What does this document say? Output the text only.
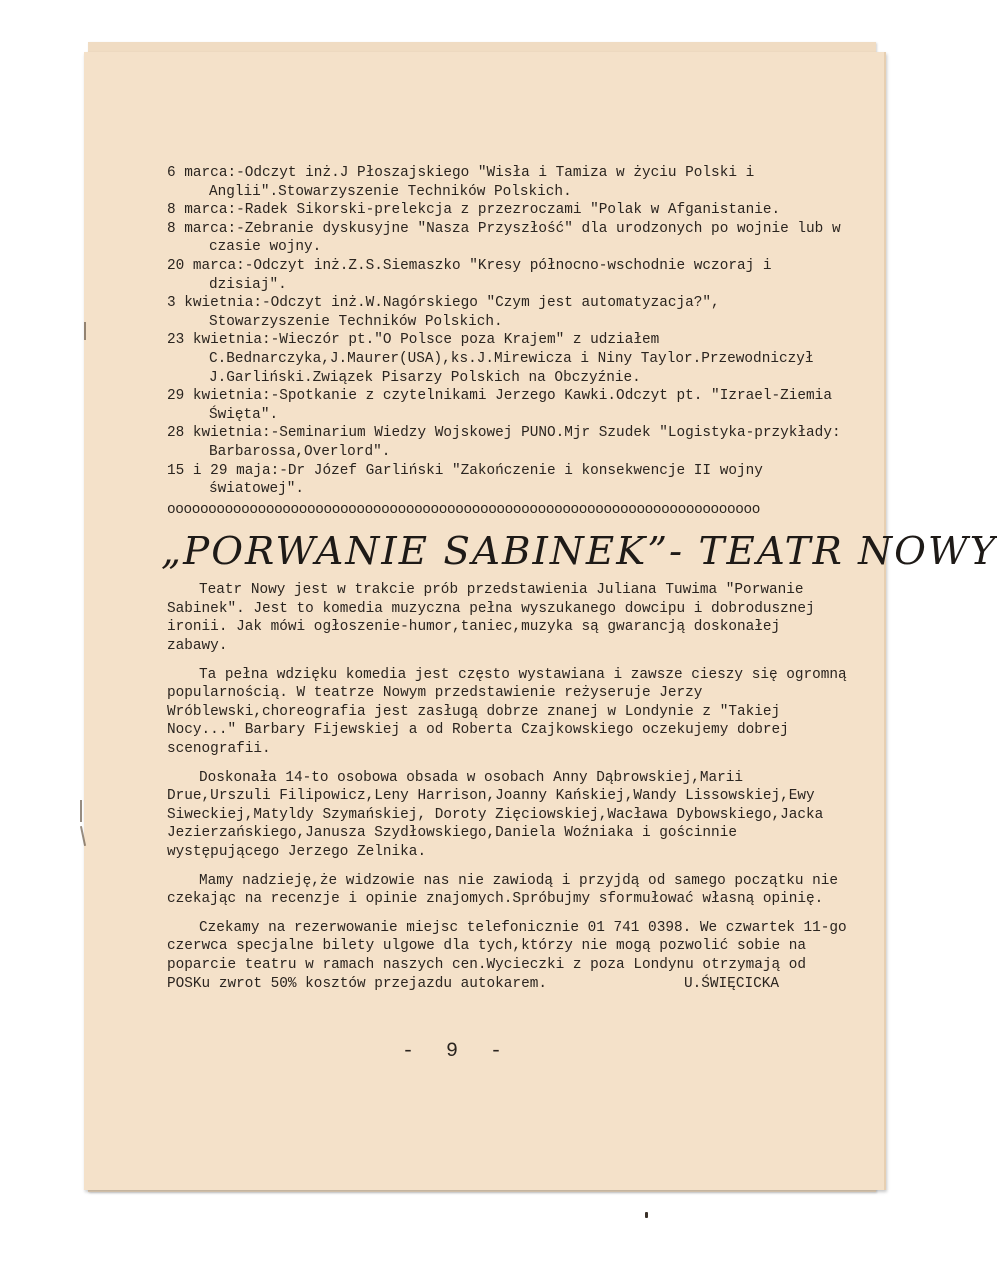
6 marca:-Odczyt inż.J Płoszajskiego "Wisła i Tamiza w życiu Polski i Anglii".Stowarzyszenie Techników Polskich.

8 marca:-Radek Sikorski-prelekcja z przezroczami "Polak w Afganistanie.

8 marca:-Zebranie dyskusyjne "Nasza Przyszłość" dla urodzonych po wojnie lub w czasie wojny.

20 marca:-Odczyt inż.Z.S.Siemaszko "Kresy północno-wschodnie wczoraj i dzisiaj".

3 kwietnia:-Odczyt inż.W.Nagórskiego "Czym jest automatyzacja?", Stowarzyszenie Techników Polskich.

23 kwietnia:-Wieczór pt."O Polsce poza Krajem" z udziałem C.Bednarczyka,J.Maurer(USA),ks.J.Mirewicza i Niny Taylor.Przewodniczył J.Garliński.Związek Pisarzy Polskich na Obczyźnie.

29 kwietnia:-Spotkanie z czytelnikami Jerzego Kawki.Odczyt pt. "Izrael-Ziemia Święta".

28 kwietnia:-Seminarium Wiedzy Wojskowej PUNO.Mjr Szudek "Logistyka-przykłady: Barbarossa,Overlord".

15 i 29 maja:-Dr Józef Garliński "Zakończenie i konsekwencje II wojny światowej".

oooooooooooooooooooooooooooooooooooooooooooooooooooooooooooooooooooooooo
„PORWANIE SABINEK”- TEATR NOWY

Teatr Nowy jest w trakcie prób przedstawienia Juliana Tuwima "Porwanie Sabinek". Jest to komedia muzyczna pełna wyszukanego dowcipu i dobrodusznej ironii. Jak mówi ogłoszenie-humor,taniec,muzyka są gwarancją doskonałej zabawy.

Ta pełna wdzięku komedia jest często wystawiana i zawsze cieszy się ogromną popularnością. W teatrze Nowym przedstawienie reżyseruje Jerzy Wróblewski,choreografia jest zasługą dobrze znanej w Londynie z "Takiej Nocy..." Barbary Fijewskiej a od Roberta Czajkowskiego oczekujemy dobrej scenografii.

Doskonała 14-to osobowa obsada w osobach Anny Dąbrowskiej,Marii Drue,Urszuli Filipowicz,Leny Harrison,Joanny Kańskiej,Wandy Lissowskiej,Ewy Siweckiej,Matyldy Szymańskiej, Doroty Zięciowskiej,Wacława Dybowskiego,Jacka Jezierzańskiego,Janusza Szydłowskiego,Daniela Woźniaka i gościnnie występującego Jerzego Zelnika.

Mamy nadzieję,że widzowie nas nie zawiodą i przyjdą od samego początku nie czekając na recenzje i opinie znajomych.Spróbujmy sformułować własną opinię.

Czekamy na rezerwowanie miejsc telefonicznie 01 741 0398. We czwartek 11-go czerwca specjalne bilety ulgowe dla tych,którzy nie mogą pozwolić sobie na poparcie teatru w ramach naszych cen.Wycieczki z poza Londynu otrzymają od POSKu zwrot 50% kosztów przejazdu autokarem.	U.ŚWIĘCICKA
- 9 -
